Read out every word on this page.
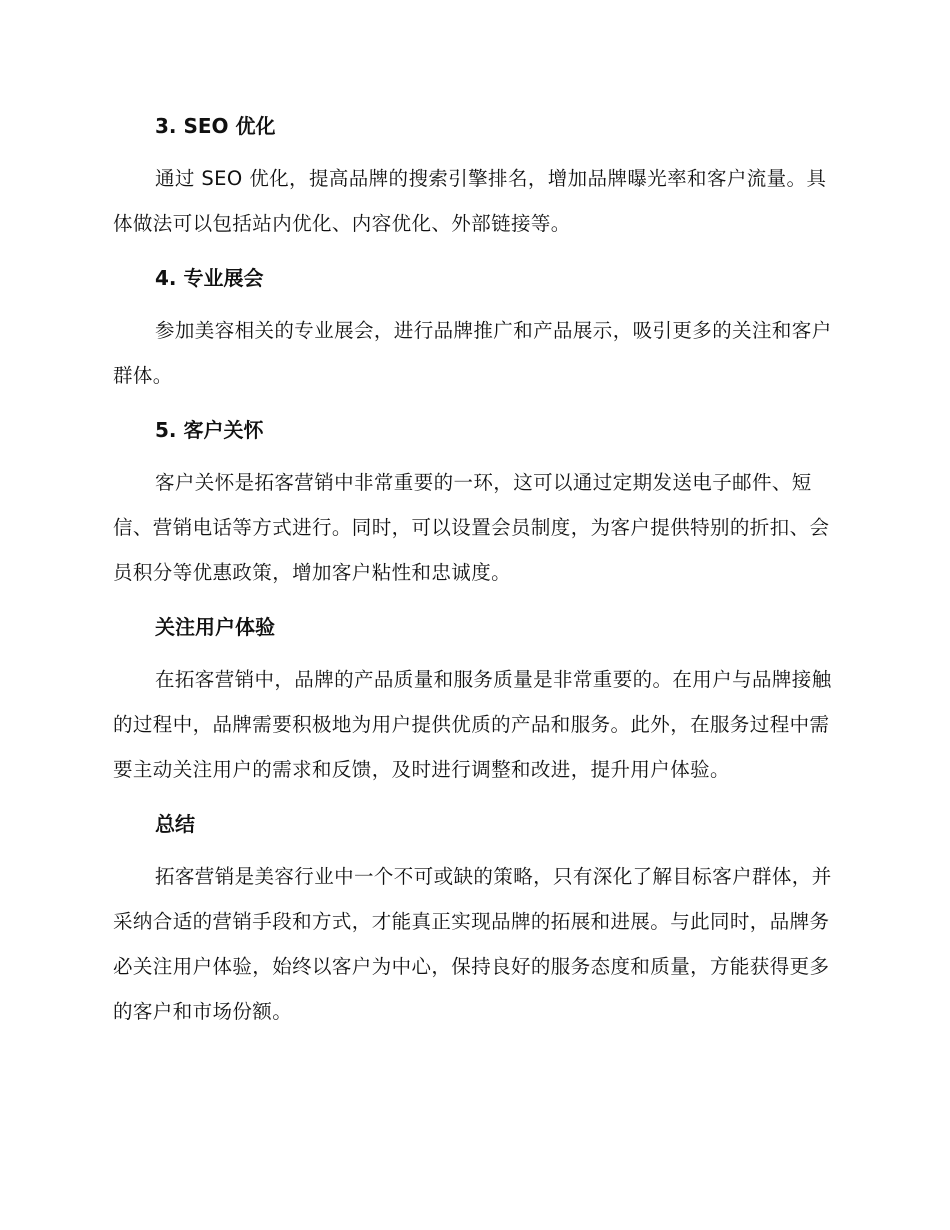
3. SEO 优化

通过 SEO 优化，提高品牌的搜索引擎排名，增加品牌曝光率和客户流量。具体做法可以包括站内优化、内容优化、外部链接等。

4. 专业展会

参加美容相关的专业展会，进行品牌推广和产品展示，吸引更多的关注和客户群体。

5. 客户关怀

客户关怀是拓客营销中非常重要的一环，这可以通过定期发送电子邮件、短信、营销电话等方式进行。同时，可以设置会员制度，为客户提供特别的折扣、会员积分等优惠政策，增加客户粘性和忠诚度。

关注用户体验

在拓客营销中，品牌的产品质量和服务质量是非常重要的。在用户与品牌接触的过程中，品牌需要积极地为用户提供优质的产品和服务。此外，在服务过程中需要主动关注用户的需求和反馈，及时进行调整和改进，提升用户体验。

总结

拓客营销是美容行业中一个不可或缺的策略，只有深化了解目标客户群体，并采纳合适的营销手段和方式，才能真正实现品牌的拓展和进展。与此同时，品牌务必关注用户体验，始终以客户为中心，保持良好的服务态度和质量，方能获得更多的客户和市场份额。
